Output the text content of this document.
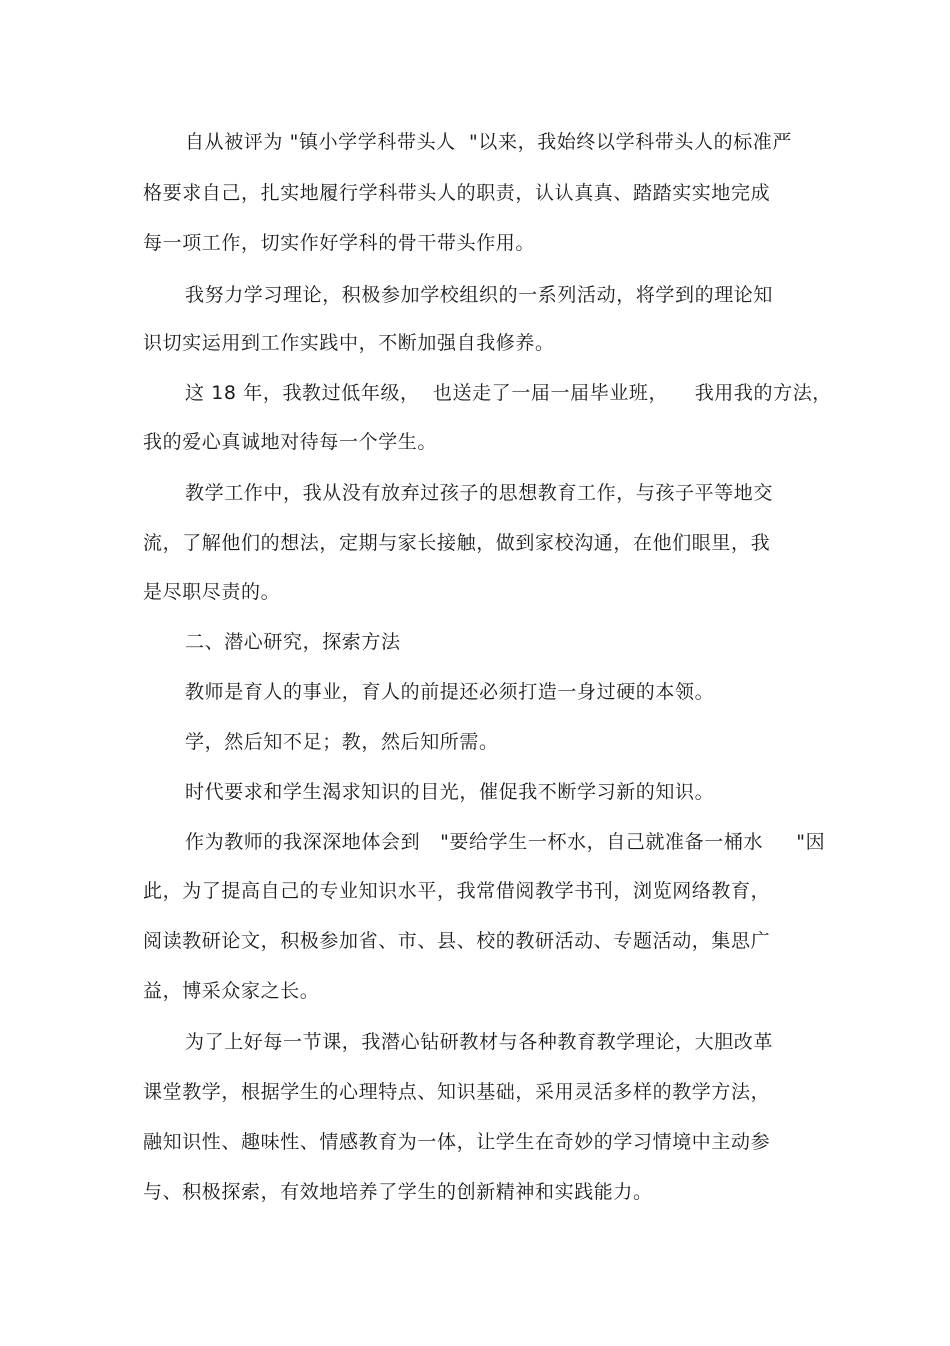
自从被评为 "镇小学学科带头人  "以来，我始终以学科带头人的标准严
格要求自己，扎实地履行学科带头人的职责，认认真真、踏踏实实地完成
每一项工作，切实作好学科的骨干带头作用。
我努力学习理论，积极参加学校组织的一系列活动，将学到的理论知
识切实运用到工作实践中，不断加强自我修养。
这 18 年，我教过低年级，  也送走了一届一届毕业班，    我用我的方法，
我的爱心真诚地对待每一个学生。
教学工作中，我从没有放弃过孩子的思想教育工作，与孩子平等地交
流，了解他们的想法，定期与家长接触，做到家校沟通，在他们眼里，我
是尽职尽责的。
二、潜心研究，探索方法
教师是育人的事业，育人的前提还必须打造一身过硬的本领。
学，然后知不足；教，然后知所需。
时代要求和学生渴求知识的目光，催促我不断学习新的知识。
作为教师的我深深地体会到   "要给学生一杯水，自己就准备一桶水     "因
此，为了提高自己的专业知识水平，我常借阅教学书刊，浏览网络教育，
阅读教研论文，积极参加省、市、县、校的教研活动、专题活动，集思广
益，博采众家之长。
为了上好每一节课，我潜心钻研教材与各种教育教学理论，大胆改革
课堂教学，根据学生的心理特点、知识基础，采用灵活多样的教学方法，
融知识性、趣味性、情感教育为一体，让学生在奇妙的学习情境中主动参
与、积极探索，有效地培养了学生的创新精神和实践能力。
